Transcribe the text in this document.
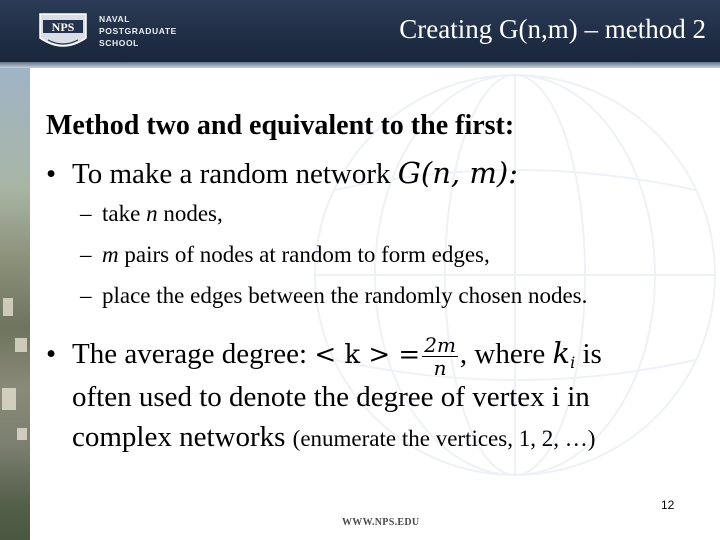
NPS
NAVAL
POSTGRADUATE
SCHOOL	Creating G(n,m) – method 2
Method two and equivalent to the first:
• To make a random network G(n, m):
– take n nodes,
– m pairs of nodes at random to form edges,
– place the edges between the randomly chosen nodes.
• The average degree: < k > = $\frac{2m}{n}$ , where ki is
often used to denote the degree of vertex i in
complex networks (enumerate the vertices, 1, 2, …)
12
WWW.NPS.EDU
